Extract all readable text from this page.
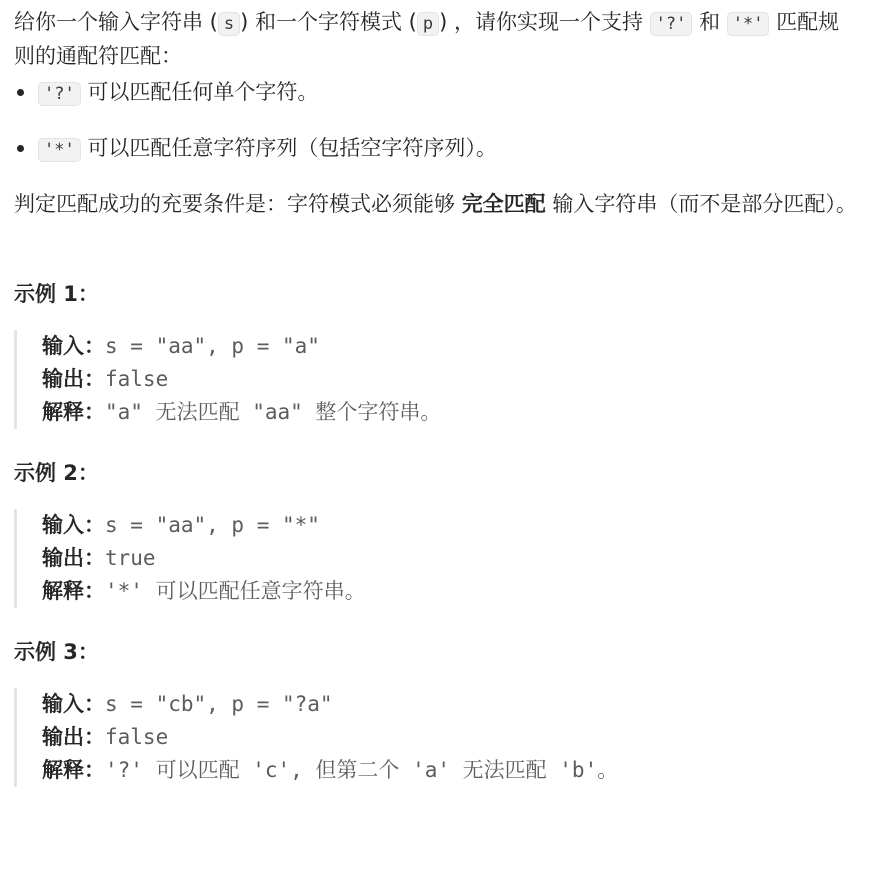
给你一个输入字符串 ( s ) 和一个字符模式 ( p ) ，请你实现一个支持 '?' 和 '*' 匹配规则的通配符匹配：

'?' 可以匹配任何单个字符。
'*' 可以匹配任意字符序列（包括空字符序列）。

判定匹配成功的充要条件是：字符模式必须能够 完全匹配 输入字符串（而不是部分匹配）。

示例 1：

输入：s = "aa", p = "a"
输出：false
解释："a" 无法匹配 "aa" 整个字符串。

示例 2：

输入：s = "aa", p = "*"
输出：true
解释：'*' 可以匹配任意字符串。

示例 3：

输入：s = "cb", p = "?a"
输出：false
解释：'?' 可以匹配 'c', 但第二个 'a' 无法匹配 'b'。
